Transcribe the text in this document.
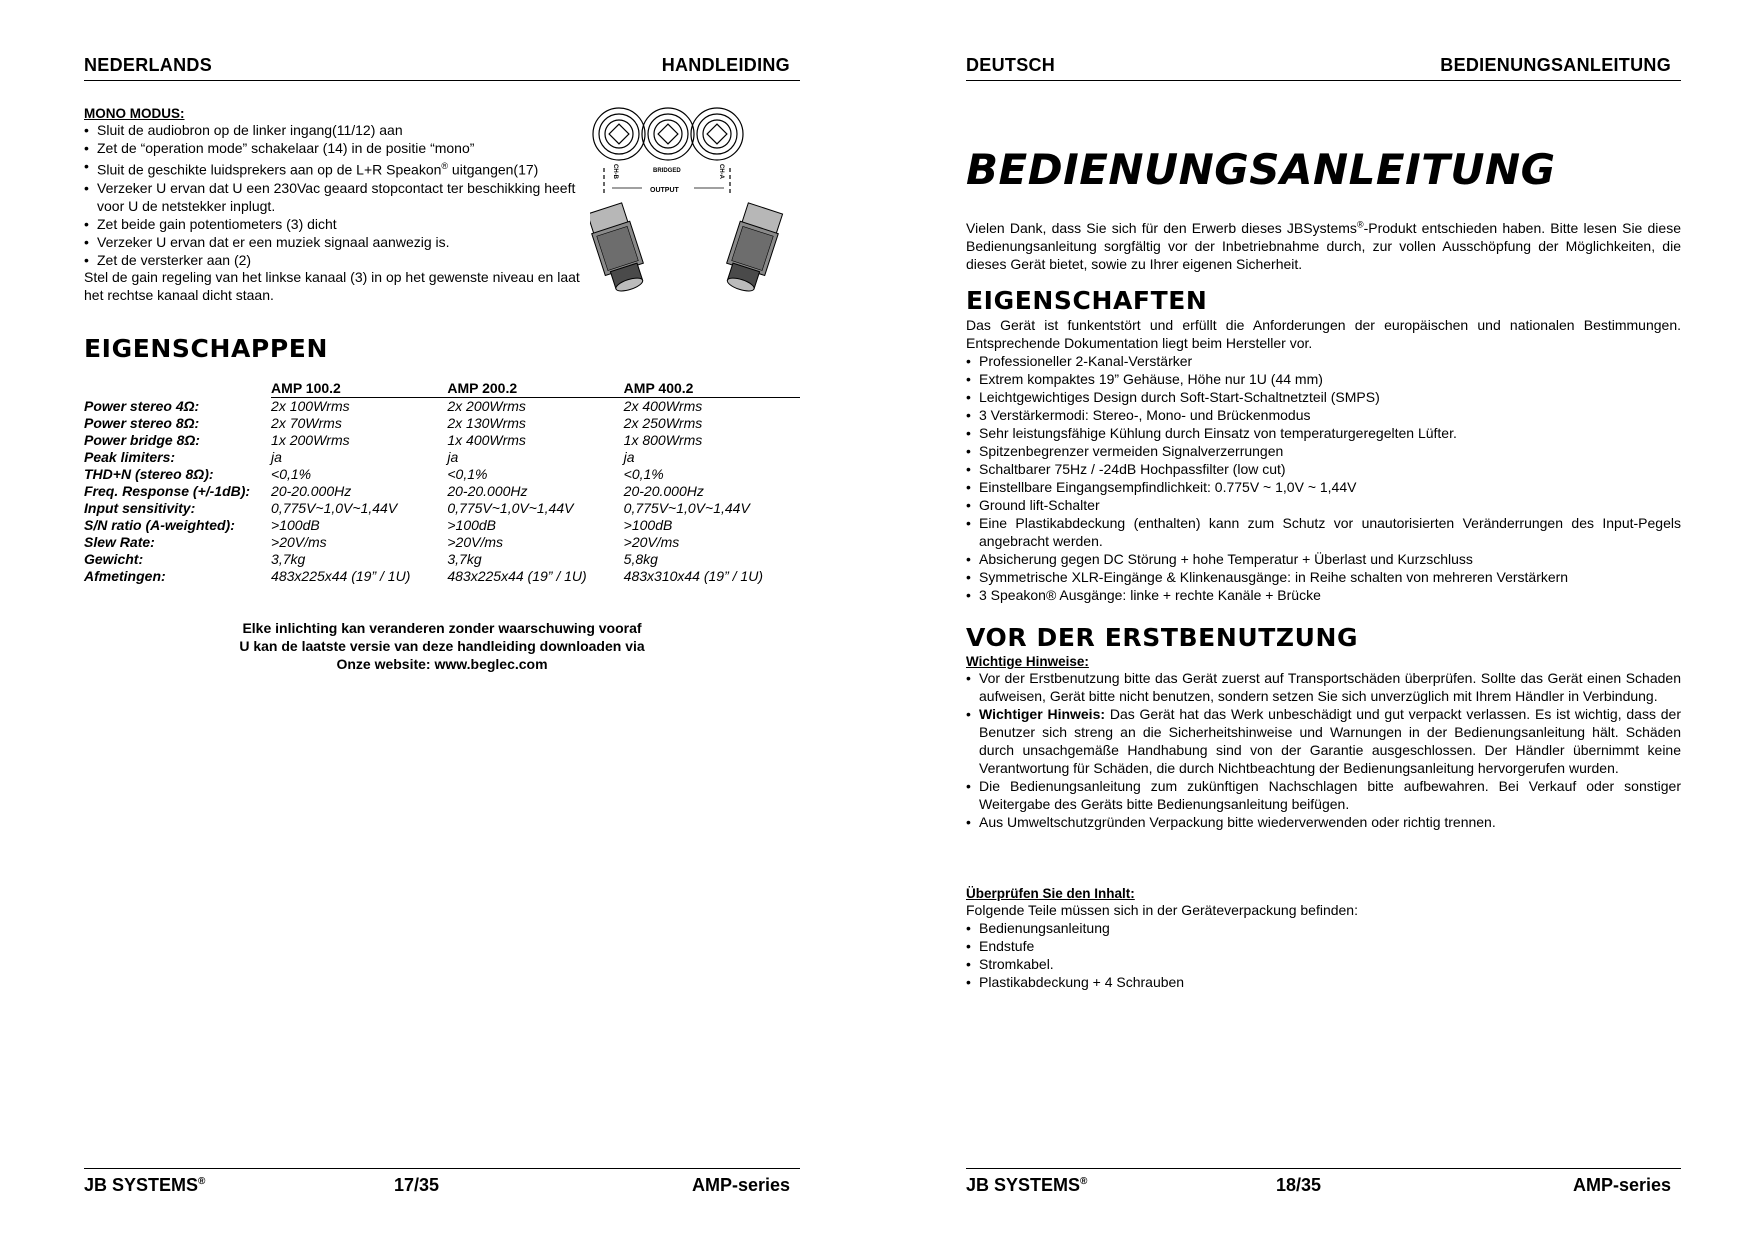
NEDERLANDS	HANDLEIDING
MONO MODUS:
• Sluit de audiobron op de linker ingang(11/12) aan
• Zet de “operation mode” schakelaar (14) in de positie “mono”
• Sluit de geschikte luidsprekers aan op de L+R Speakon® uitgangen(17)
• Verzeker U ervan dat U een 230Vac geaard stopcontact ter beschikking heeft voor U de netstekker inplugt.
• Zet beide gain potentiometers (3) dicht
• Verzeker U ervan dat er een muziek signaal aanwezig is.
• Zet de versterker aan (2)
Stel de gain regeling van het linkse kanaal (3) in op het gewenste niveau en laat het rechtse kanaal dicht staan.
CH-B	BRIDGED	CH-A
OUTPUT
EIGENSCHAPPEN
	AMP 100.2	AMP 200.2	AMP 400.2
Power stereo 4Ω:	2x 100Wrms	2x 200Wrms	2x 400Wrms
Power stereo 8Ω:	2x 70Wrms	2x 130Wrms	2x 250Wrms
Power bridge 8Ω:	1x 200Wrms	1x 400Wrms	1x 800Wrms
Peak limiters:	ja	ja	ja
THD+N (stereo 8Ω):	<0,1%	<0,1%	<0,1%
Freq. Response (+/-1dB):	20-20.000Hz	20-20.000Hz	20-20.000Hz
Input sensitivity:	0,775V~1,0V~1,44V	0,775V~1,0V~1,44V	0,775V~1,0V~1,44V
S/N ratio (A-weighted):	>100dB	>100dB	>100dB
Slew Rate:	>20V/ms	>20V/ms	>20V/ms
Gewicht:	3,7kg	3,7kg	5,8kg
Afmetingen:	483x225x44 (19” / 1U)	483x225x44 (19” / 1U)	483x310x44 (19” / 1U)
Elke inlichting kan veranderen zonder waarschuwing vooraf
U kan de laatste versie van deze handleiding downloaden via
Onze website: www.beglec.com
JB SYSTEMS®	17/35	AMP-series
DEUTSCH	BEDIENUNGSANLEITUNG
BEDIENUNGSANLEITUNG
Vielen Dank, dass Sie sich für den Erwerb dieses JBSystems®-Produkt entschieden haben. Bitte lesen Sie diese Bedienungsanleitung sorgfältig vor der Inbetriebnahme durch, zur vollen Ausschöpfung der Möglichkeiten, die dieses Gerät bietet, sowie zu Ihrer eigenen Sicherheit.
EIGENSCHAFTEN
Das Gerät ist funkentstört und erfüllt die Anforderungen der europäischen und nationalen Bestimmungen. Entsprechende Dokumentation liegt beim Hersteller vor.
• Professioneller 2-Kanal-Verstärker
• Extrem kompaktes 19” Gehäuse, Höhe nur 1U (44 mm)
• Leichtgewichtiges Design durch Soft-Start-Schaltnetzteil (SMPS)
• 3 Verstärkermodi: Stereo-, Mono- und Brückenmodus
• Sehr leistungsfähige Kühlung durch Einsatz von temperaturgeregelten Lüfter.
• Spitzenbegrenzer vermeiden Signalverzerrungen
• Schaltbarer 75Hz / -24dB Hochpassfilter (low cut)
• Einstellbare Eingangsempfindlichkeit: 0.775V ~ 1,0V ~ 1,44V
• Ground lift-Schalter
• Eine Plastikabdeckung (enthalten) kann zum Schutz vor unautorisierten Veränderrungen des Input-Pegels angebracht werden.
• Absicherung gegen DC Störung + hohe Temperatur + Überlast und Kurzschluss
• Symmetrische XLR-Eingänge & Klinkenausgänge: in Reihe schalten von mehreren Verstärkern
• 3 Speakon® Ausgänge: linke + rechte Kanäle + Brücke
VOR DER ERSTBENUTZUNG
Wichtige Hinweise:
• Vor der Erstbenutzung bitte das Gerät zuerst auf Transportschäden überprüfen. Sollte das Gerät einen Schaden aufweisen, Gerät bitte nicht benutzen, sondern setzen Sie sich unverzüglich mit Ihrem Händler in Verbindung.
• Wichtiger Hinweis: Das Gerät hat das Werk unbeschädigt und gut verpackt verlassen. Es ist wichtig, dass der Benutzer sich streng an die Sicherheitshinweise und Warnungen in der Bedienungsanleitung hält. Schäden durch unsachgemäße Handhabung sind von der Garantie ausgeschlossen. Der Händler übernimmt keine Verantwortung für Schäden, die durch Nichtbeachtung der Bedienungsanleitung hervorgerufen wurden.
• Die Bedienungsanleitung zum zukünftigen Nachschlagen bitte aufbewahren. Bei Verkauf oder sonstiger Weitergabe des Geräts bitte Bedienungsanleitung beifügen.
• Aus Umweltschutzgründen Verpackung bitte wiederverwenden oder richtig trennen.
Überprüfen Sie den Inhalt:
Folgende Teile müssen sich in der Geräteverpackung befinden:
• Bedienungsanleitung
• Endstufe
• Stromkabel.
• Plastikabdeckung + 4 Schrauben
JB SYSTEMS®	18/35	AMP-series
